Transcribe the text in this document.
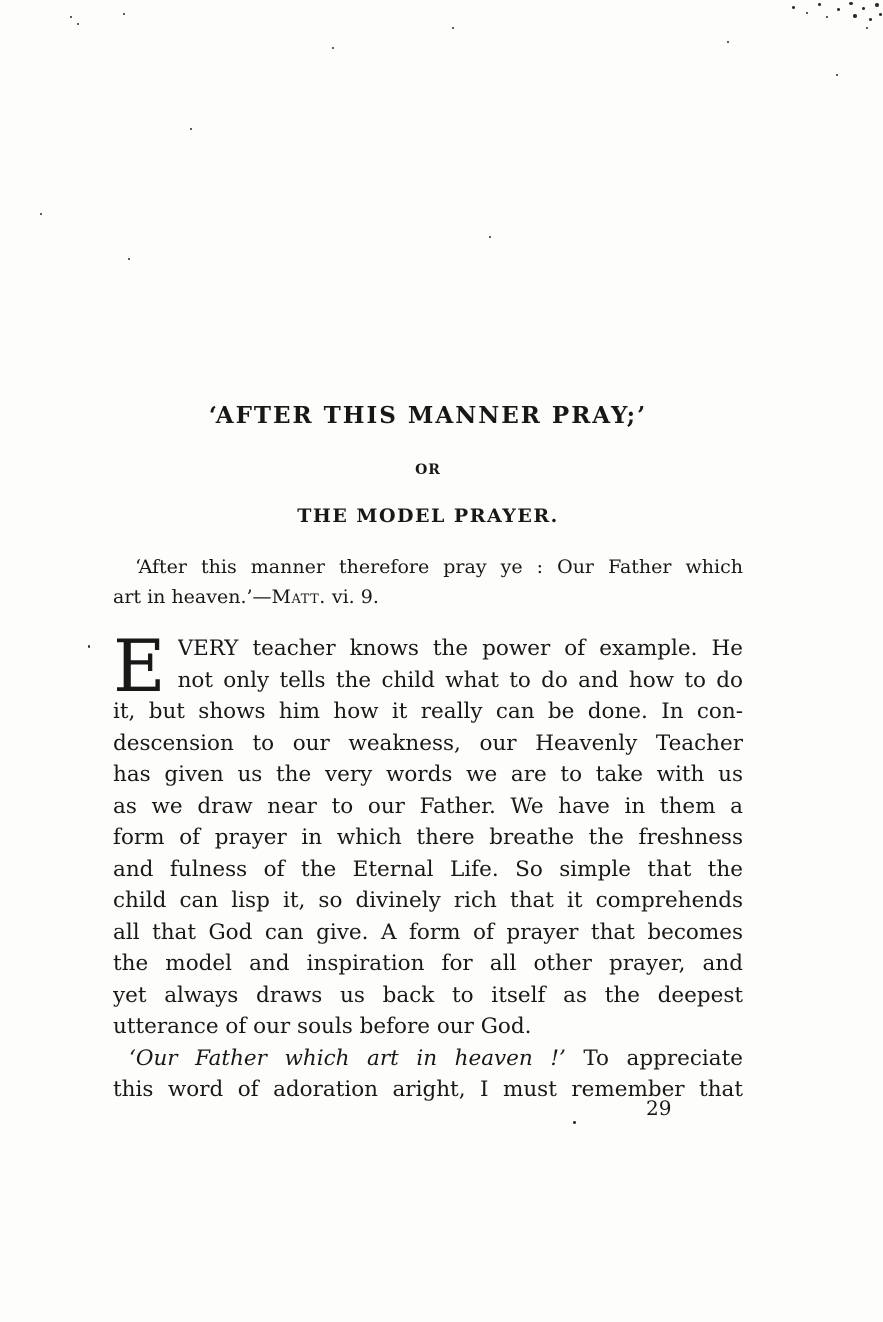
‘AFTER THIS MANNER PRAY;’
OR
THE MODEL PRAYER.
‘After this manner therefore pray ye : Our Father which
art in heaven.’—Matt. vi. 9.
E VERY teacher knows the power of example. He
not only tells the child what to do and how to do
it, but shows him how it really can be done. In con-
descension to our weakness, our Heavenly Teacher
has given us the very words we are to take with us
as we draw near to our Father. We have in them a
form of prayer in which there breathe the freshness
and fulness of the Eternal Life. So simple that the
child can lisp it, so divinely rich that it comprehends
all that God can give. A form of prayer that becomes
the model and inspiration for all other prayer, and
yet always draws us back to itself as the deepest
utterance of our souls before our God.
‘Our Father which art in heaven !’ To appreciate
this word of adoration aright, I must remember that
29
